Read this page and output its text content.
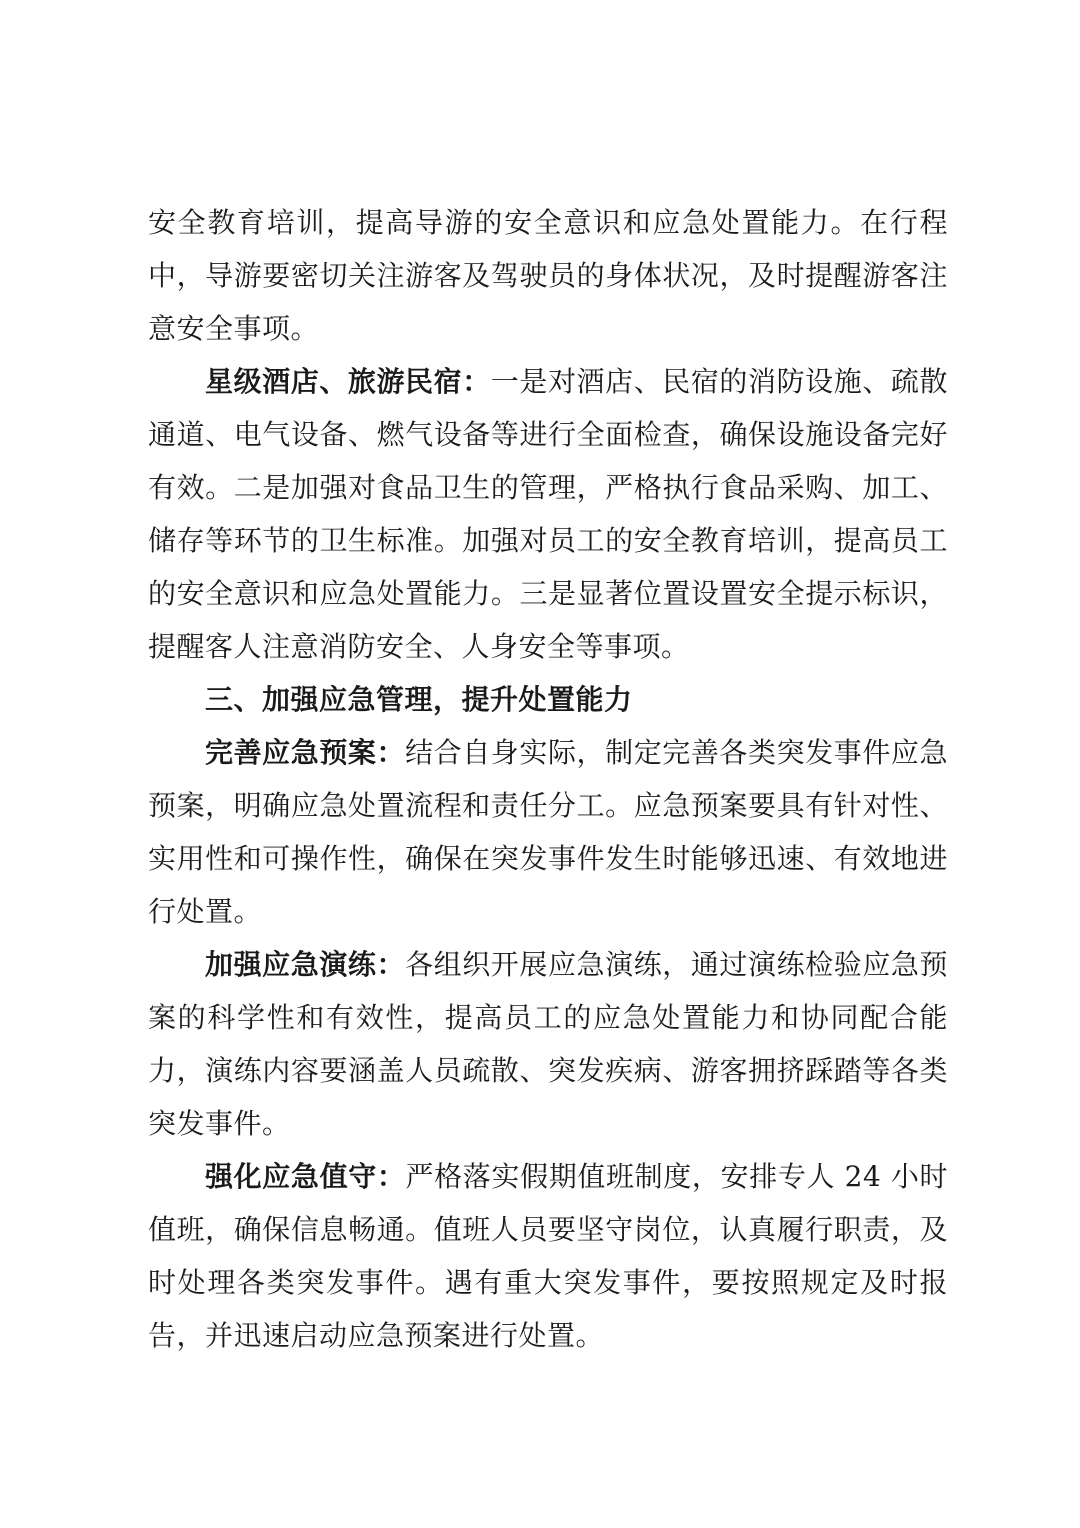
安全教育培训，提高导游的安全意识和应急处置能力。在行程中，导游要密切关注游客及驾驶员的身体状况，及时提醒游客注意安全事项。

星级酒店、旅游民宿：一是对酒店、民宿的消防设施、疏散通道、电气设备、燃气设备等进行全面检查，确保设施设备完好有效。二是加强对食品卫生的管理，严格执行食品采购、加工、储存等环节的卫生标准。加强对员工的安全教育培训，提高员工的安全意识和应急处置能力。三是显著位置设置安全提示标识，提醒客人注意消防安全、人身安全等事项。

三、加强应急管理，提升处置能力

完善应急预案：结合自身实际，制定完善各类突发事件应急预案，明确应急处置流程和责任分工。应急预案要具有针对性、实用性和可操作性，确保在突发事件发生时能够迅速、有效地进行处置。

加强应急演练：各组织开展应急演练，通过演练检验应急预案的科学性和有效性，提高员工的应急处置能力和协同配合能力，演练内容要涵盖人员疏散、突发疾病、游客拥挤踩踏等各类突发事件。

强化应急值守：严格落实假期值班制度，安排专人 24 小时值班，确保信息畅通。值班人员要坚守岗位，认真履行职责，及时处理各类突发事件。遇有重大突发事件，要按照规定及时报告，并迅速启动应急预案进行处置。
